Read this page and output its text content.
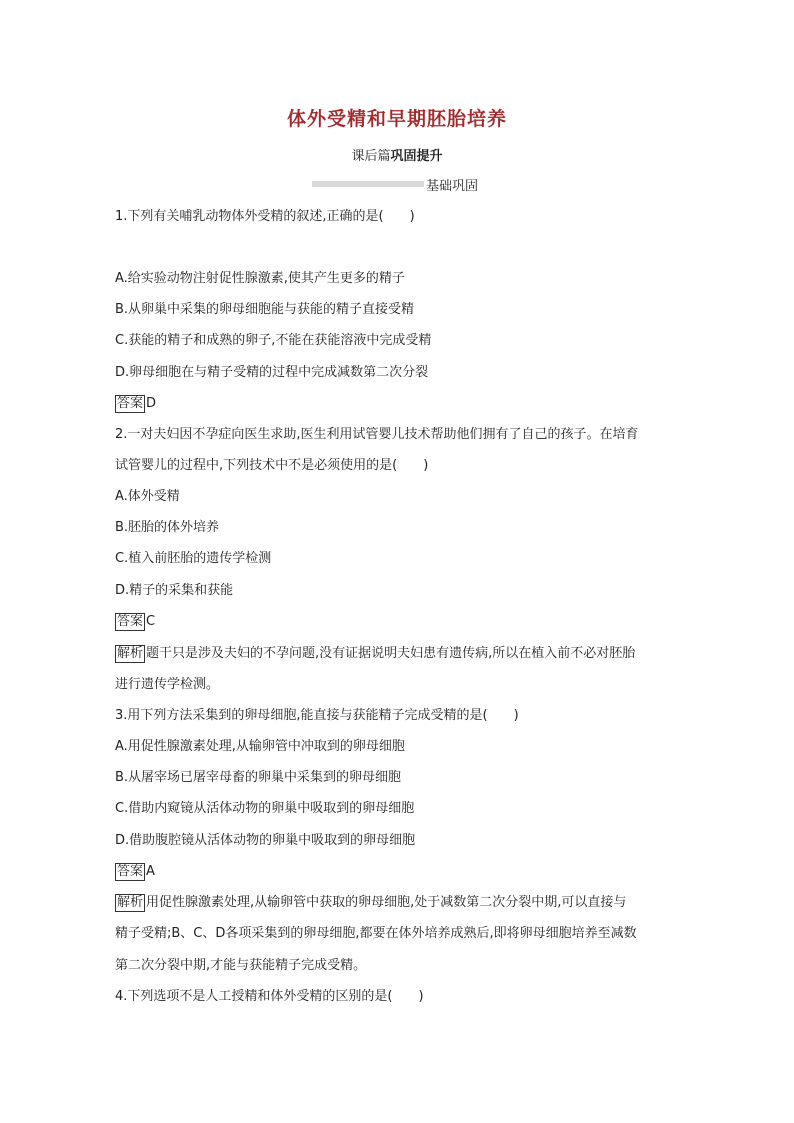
体外受精和早期胚胎培养
课后篇巩固提升
基础巩固
1.下列有关哺乳动物体外受精的叙述,正确的是(　　)
A.给实验动物注射促性腺激素,使其产生更多的精子
B.从卵巢中采集的卵母细胞能与获能的精子直接受精
C.获能的精子和成熟的卵子,不能在获能溶液中完成受精
D.卵母细胞在与精子受精的过程中完成减数第二次分裂
答案 D
2.一对夫妇因不孕症向医生求助,医生利用试管婴儿技术帮助他们拥有了自己的孩子。在培育
试管婴儿的过程中,下列技术中不是必须使用的是(　　)
A.体外受精
B.胚胎的体外培养
C.植入前胚胎的遗传学检测
D.精子的采集和获能
答案 C
解析 题干只是涉及夫妇的不孕问题,没有证据说明夫妇患有遗传病,所以在植入前不必对胚胎
进行遗传学检测。
3.用下列方法采集到的卵母细胞,能直接与获能精子完成受精的是(　　)
A.用促性腺激素处理,从输卵管中冲取到的卵母细胞
B.从屠宰场已屠宰母畜的卵巢中采集到的卵母细胞
C.借助内窥镜从活体动物的卵巢中吸取到的卵母细胞
D.借助腹腔镜从活体动物的卵巢中吸取到的卵母细胞
答案 A
解析 用促性腺激素处理,从输卵管中获取的卵母细胞,处于减数第二次分裂中期,可以直接与
精子受精;B、C、D各项采集到的卵母细胞,都要在体外培养成熟后,即将卵母细胞培养至减数
第二次分裂中期,才能与获能精子完成受精。
4.下列选项不是人工授精和体外受精的区别的是(　　)
